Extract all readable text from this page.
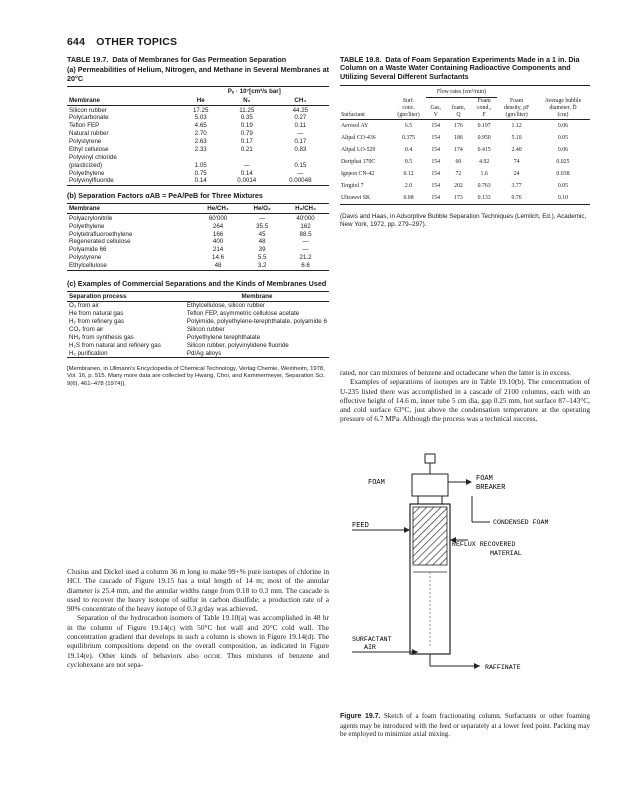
644 OTHER TOPICS
TABLE 19.7. Data of Membranes for Gas Permeation Separation
(a) Permeabilities of Helium, Nitrogen, and Methane in Several Membranes at 20°C
	Pₑ · 10⁷[cm²/s bar]		
Membrane	He	N₂	CH₄
Silicon rubber	17.25	11.25	44.25
Polycarbonate	5.03	0.35	0.27
Teflon FEP	4.65	0.19	0.11
Natural rubber	2.70	0.79	—
Polystyrene	2.63	0.17	0.17
Ethyl cellulose	2.33	0.21	0.83
Polyvinyl chloride			
(plasticized)	1.05	—	0.15
Polyethylene	0.75	0.14	—
Polyvinylfluoride	0.14	0.0014	0.00048
(b) Separation Factors αAB = PeA/PeB for Three Mixtures
Membrane	He/CH₄	He/O₂	H₂/CH₄
Polyacrylonitrile	60'000	—	40'000
Polyethylene	264	35.5	162
Polytetrafluoroethylene	166	45	88.5
Regenerated cellulose	400	48	—
Polyamide 66	214	39	—
Polystyrene	14.6	5.5	21.2
Ethylcellulose	48	3.2	6.6
(c) Examples of Commercial Separations and the Kinds of Membranes Used
Separation process	Membrane
O₂ from air	Ethylcellulose, silicon rubber
He from natural gas	Teflon FEP, asymmetric cellulose acetate
H₂ from refinery gas	Polyimide, polyethylene-terephthalate, polyamide 6
CO₂ from air	Silicon rubber
NH₃ from synthesis gas	Polyethylene terephthalate
H₂S from natural and refinery gas	Silicon rubber, polyvinylidene fluoride
H₂ purification	Pd/Ag alloys
[Membranen, in Ullmann's Encyclopedia of Chemical Technology, Verlag Chemie, Weinheim, 1978, Vol. 16, p. 515. Many more data are collected by Hwang, Choi, and Kammermeyer, Separation Sci. 9(6), 461–478 (1974)].

Clusius and Dickel used a column 36 m long to make 99+% pure isotopes of chlorine in HCl. The cascade of Figure 19.15 has a total length of 14 m; most of the annular diameter is 25.4 mm, and the annular widths range from 0.18 to 0.3 mm. The cascade is used to recover the heavy isotope of sulfur in carbon disulfide; a production rate of a 90% concentrate of the heavy isotope of 0.3 g/day was achieved.

Separation of the hydrocarbon isomers of Table 19.10(a) was accomplished in 48 hr in the column of Figure 19.14(c) with 50°C hot wall and 20°C cold wall. The concentration gradient that develops in such a column is shown in Figure 19.14(d). The equilibrium compositions depend on the overall composition, as indicated in Figure 19.14(e). Other kinds of behaviors also occur. Thus mixtures of benzene and cyclohexane are not sepa-

TABLE 19.8. Data of Foam Separation Experiments Made in a 1 in. Dia Column on a Waste Water Containing Radioactive Components and Utilizing Several Different Surfactants
		Flow rates (cm³/min)				
	Surf.			Foam	Foam	Average bubble
	conc.	Gas,	foam,	cond.,	density, ρF	diameter, D̄
Surfactant	(gm/liter)	V	Q	F	(gm/liter)	(cm)
Aerosol AY	6.5	154	176	0.197	1.12	0.06
Alipal CO-436	0.375	154	186	0.950	5.10	0.05
Alipal LO-529	0.4	154	174	0.415	2.40	0.06
Deriphat 170C	0.5	154	60	4.92	74	0.025
Igepon CN-42	0.12	154	72	1.6	24	0.038
Tergitol 7	2.0	154	202	0.763	3.77	0.05
Ultrawet SK	0.08	154	173	0.133	0.76	0.10
(Davis and Haas, in Adsorptive Bubble Separation Techniques (Lemlich, Ed.), Academic, New York, 1972, pp. 279–297).

rated, nor can mixtures of benzene and octadecane when the latter is in excess.

Examples of separations of isotopes are in Table 19.10(b). The concentration of U-235 listed there was accomplished in a cascade of 2100 columns, each with an effective height of 14.6 m, inner tube 5 cm dia, gap 0.25 mm, hot surface 87–143°C, and cold surface 63°C, just above the condensation temperature at the operating pressure of 6.7 MPa. Although the process was a technical success,

FOAM	FOAM
BREAKER
CONDENSED FOAM
FEED
REFLUX RECOVERED
MATERIAL
SURFACTANT
AIR
RAFFINATE
Figure 19.7. Sketch of a foam fractionating column. Surfactants or other foaming agents may be introduced with the feed or separately at a lower feed point. Packing may be employed to minimize axial mixing.
